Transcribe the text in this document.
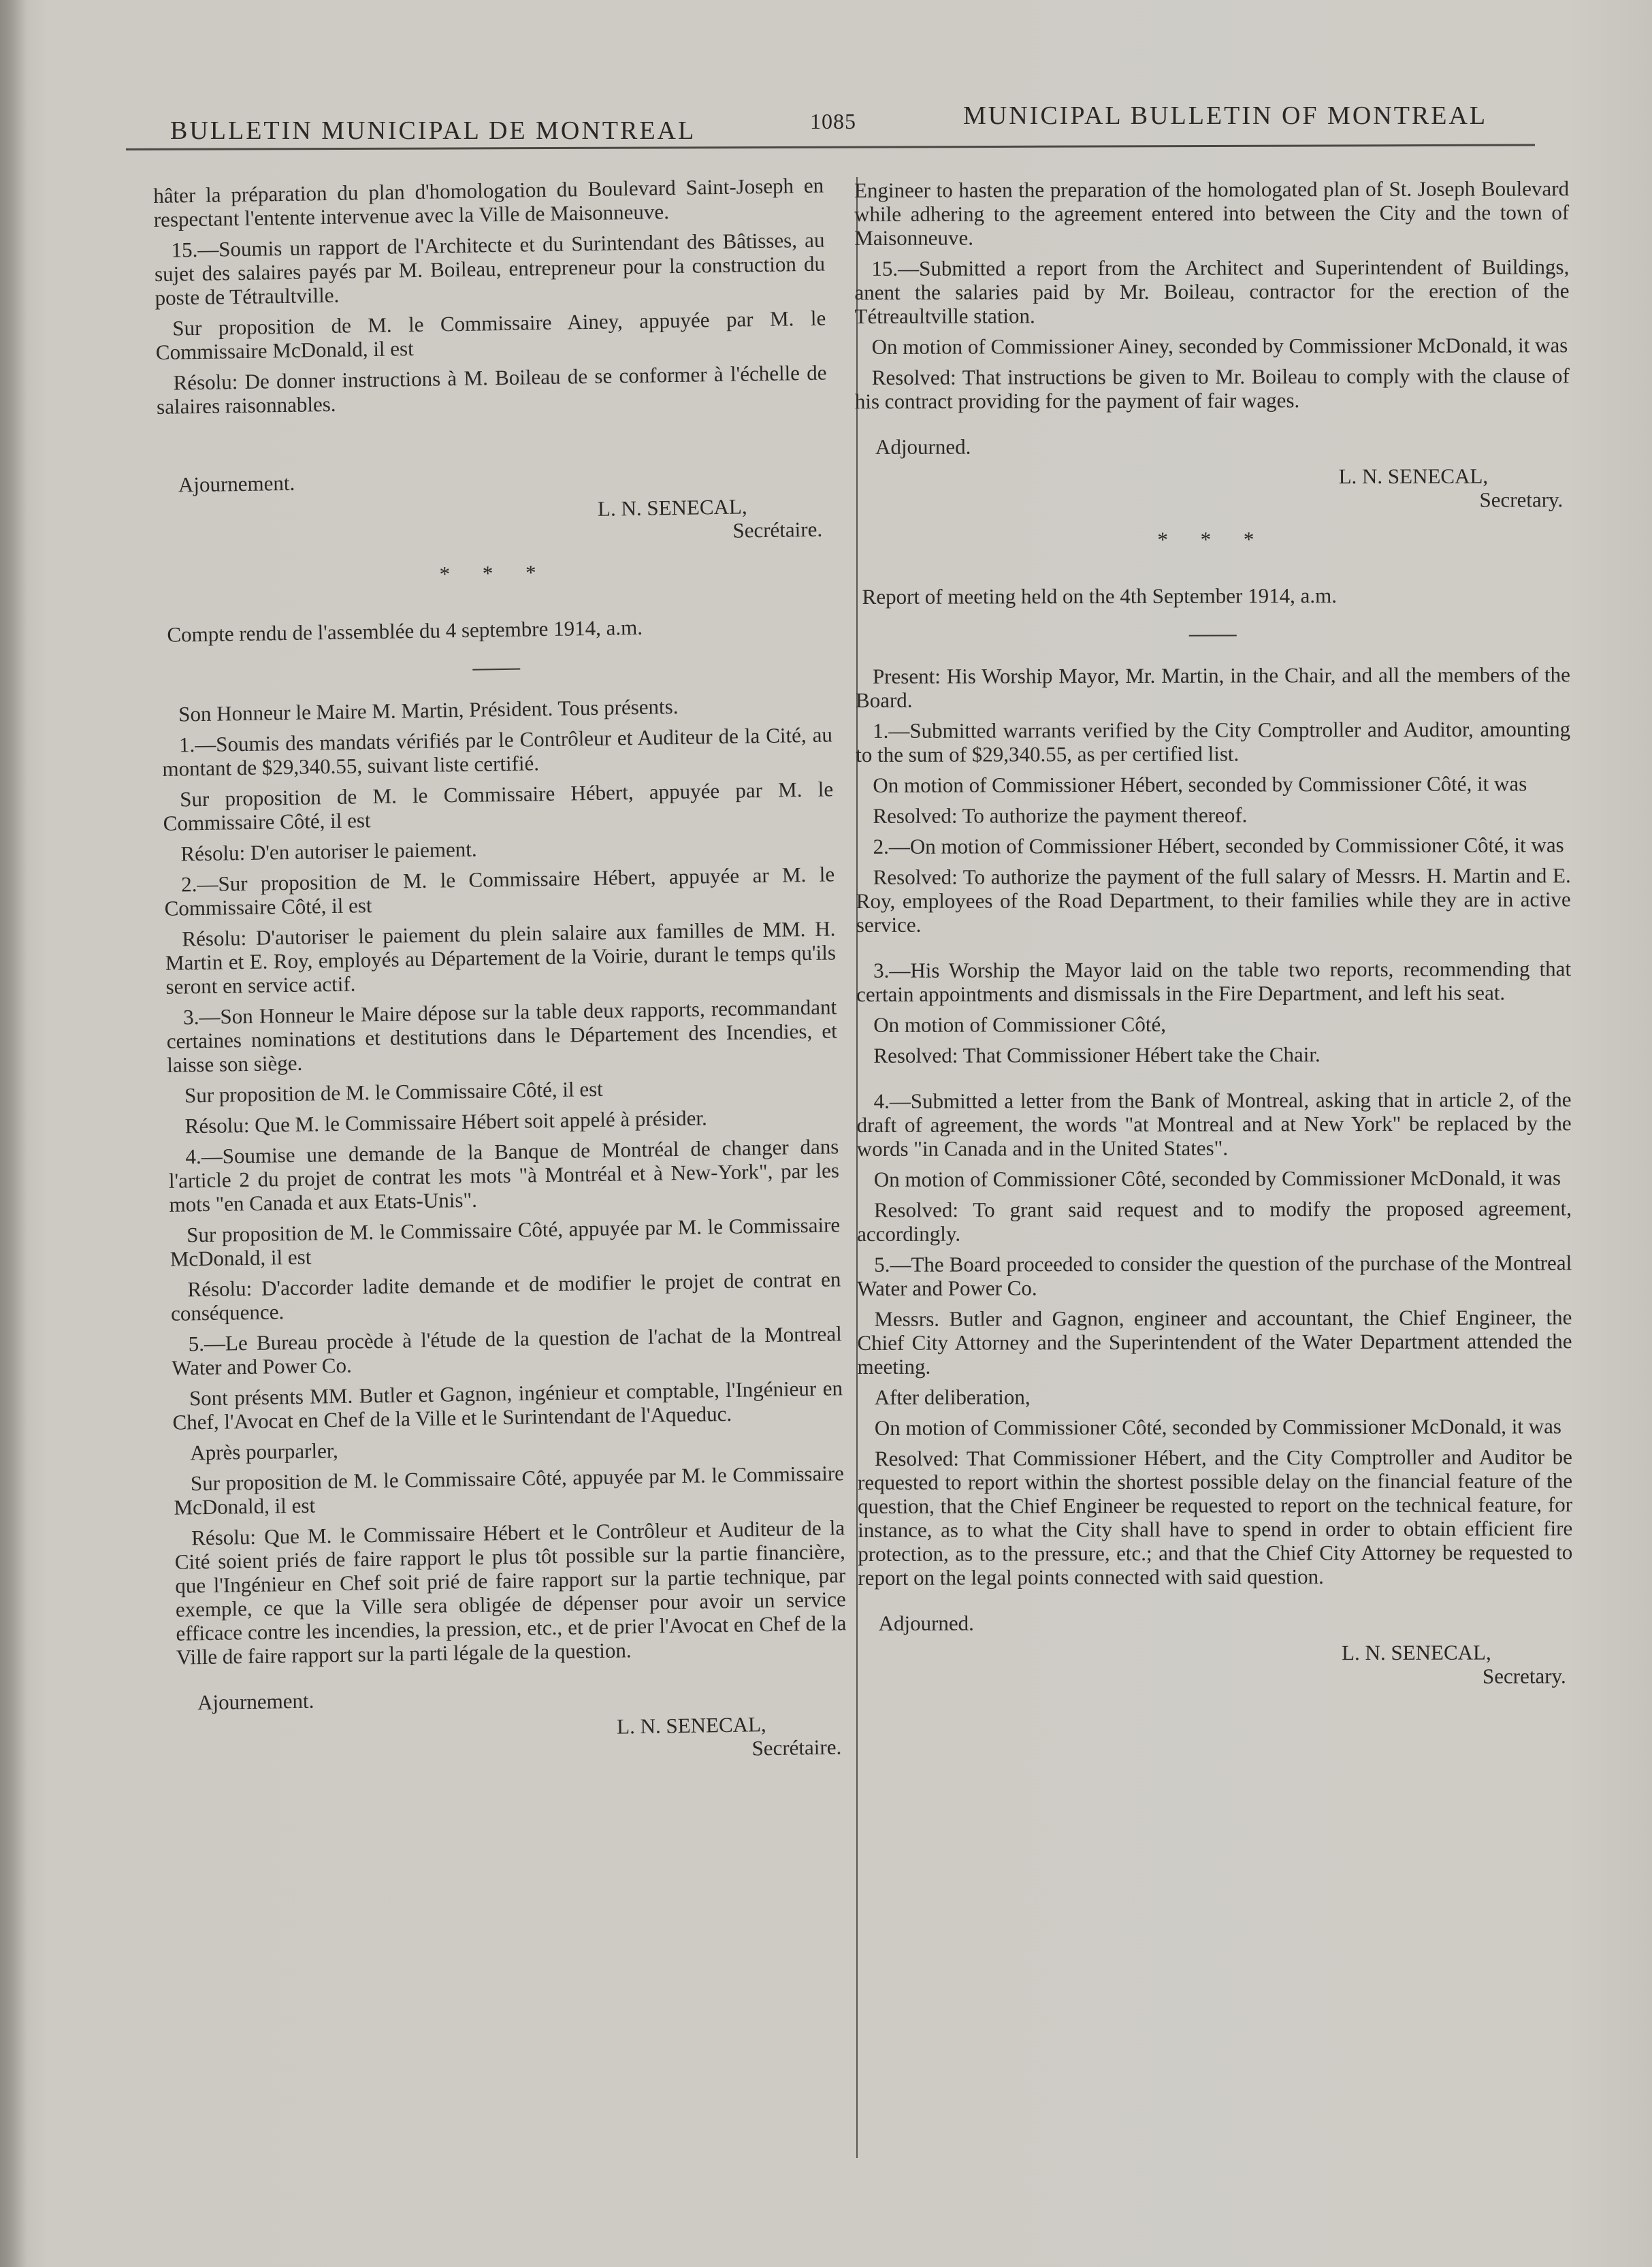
BULLETIN MUNICIPAL DE MONTREAL	1085	MUNICIPAL BULLETIN OF MONTREAL

hâter la préparation du plan d'homologation du Boulevard Saint-Joseph en respectant l'entente intervenue avec la Ville de Maisonneuve.

15.—Soumis un rapport de l'Architecte et du Surintendant des Bâtisses, au sujet des salaires payés par M. Boileau, entrepreneur pour la construction du poste de Tétraultville.

Sur proposition de M. le Commissaire Ainey, appuyée par M. le Commissaire McDonald, il est

Résolu: De donner instructions à M. Boileau de se conformer à l'échelle de salaires raisonnables.

Ajournement.

L. N. SENECAL,

Secrétaire.

* * *

Compte rendu de l'assemblée du 4 septembre 1914, a.m.

Son Honneur le Maire M. Martin, Président. Tous présents.

1.—Soumis des mandats vérifiés par le Contrôleur et Auditeur de la Cité, au montant de $29,340.55, suivant liste certifié.

Sur proposition de M. le Commissaire Hébert, appuyée par M. le Commissaire Côté, il est

Résolu: D'en autoriser le paiement.

2.—Sur proposition de M. le Commissaire Hébert, appuyée ar M. le Commissaire Côté, il est

Résolu: D'autoriser le paiement du plein salaire aux familles de MM. H. Martin et E. Roy, employés au Département de la Voirie, durant le temps qu'ils seront en service actif.

3.—Son Honneur le Maire dépose sur la table deux rapports, recommandant certaines nominations et destitutions dans le Département des Incendies, et laisse son siège.

Sur proposition de M. le Commissaire Côté, il est

Résolu: Que M. le Commissaire Hébert soit appelé à présider.

4.—Soumise une demande de la Banque de Montréal de changer dans l'article 2 du projet de contrat les mots "à Montréal et à New-York", par les mots "en Canada et aux Etats-Unis".

Sur proposition de M. le Commissaire Côté, appuyée par M. le Commissaire McDonald, il est

Résolu: D'accorder ladite demande et de modifier le projet de contrat en conséquence.

5.—Le Bureau procède à l'étude de la question de l'achat de la Montreal Water and Power Co.

Sont présents MM. Butler et Gagnon, ingénieur et comptable, l'Ingénieur en Chef, l'Avocat en Chef de la Ville et le Surintendant de l'Aqueduc.

Après pourparler,

Sur proposition de M. le Commissaire Côté, appuyée par M. le Commissaire McDonald, il est

Résolu: Que M. le Commissaire Hébert et le Contrôleur et Auditeur de la Cité soient priés de faire rapport le plus tôt possible sur la partie financière, que l'Ingénieur en Chef soit prié de faire rapport sur la partie technique, par exemple, ce que la Ville sera obligée de dépenser pour avoir un service efficace contre les incendies, la pression, etc., et de prier l'Avocat en Chef de la Ville de faire rapport sur la parti légale de la question.

Ajournement.

L. N. SENECAL,

Secrétaire.

Engineer to hasten the preparation of the homologated plan of St. Joseph Boulevard while adhering to the agreement entered into between the City and the town of Maisonneuve.

15.—Submitted a report from the Architect and Superintendent of Buildings, anent the salaries paid by Mr. Boileau, contractor for the erection of the Tétreaultville station.

On motion of Commissioner Ainey, seconded by Commissioner McDonald, it was

Resolved: That instructions be given to Mr. Boileau to comply with the clause of his contract providing for the payment of fair wages.

Adjourned.

L. N. SENECAL,

Secretary.

* * *

Report of meeting held on the 4th September 1914, a.m.

Present: His Worship Mayor, Mr. Martin, in the Chair, and all the members of the Board.

1.—Submitted warrants verified by the City Comptroller and Auditor, amounting to the sum of $29,340.55, as per certified list.

On motion of Commissioner Hébert, seconded by Commissioner Côté, it was

Resolved: To authorize the payment thereof.

2.—On motion of Commissioner Hébert, seconded by Commissioner Côté, it was

Resolved: To authorize the payment of the full salary of Messrs. H. Martin and E. Roy, employees of the Road Department, to their families while they are in active service.

3.—His Worship the Mayor laid on the table two reports, recommending that certain appointments and dismissals in the Fire Department, and left his seat.

On motion of Commissioner Côté,

Resolved: That Commissioner Hébert take the Chair.

4.—Submitted a letter from the Bank of Montreal, asking that in article 2, of the draft of agreement, the words "at Montreal and at New York" be replaced by the words "in Canada and in the United States".

On motion of Commissioner Côté, seconded by Commissioner McDonald, it was

Resolved: To grant said request and to modify the proposed agreement, accordingly.

5.—The Board proceeded to consider the question of the purchase of the Montreal Water and Power Co.

Messrs. Butler and Gagnon, engineer and accountant, the Chief Engineer, the Chief City Attorney and the Superintendent of the Water Department attended the meeting.

After deliberation,

On motion of Commissioner Côté, seconded by Commissioner McDonald, it was

Resolved: That Commissioner Hébert, and the City Comptroller and Auditor be requested to report within the shortest possible delay on the financial feature of the question, that the Chief Engineer be requested to report on the technical feature, for instance, as to what the City shall have to spend in order to obtain efficient fire protection, as to the pressure, etc.; and that the Chief City Attorney be requested to report on the legal points connected with said question.

Adjourned.

L. N. SENECAL,

Secretary.
